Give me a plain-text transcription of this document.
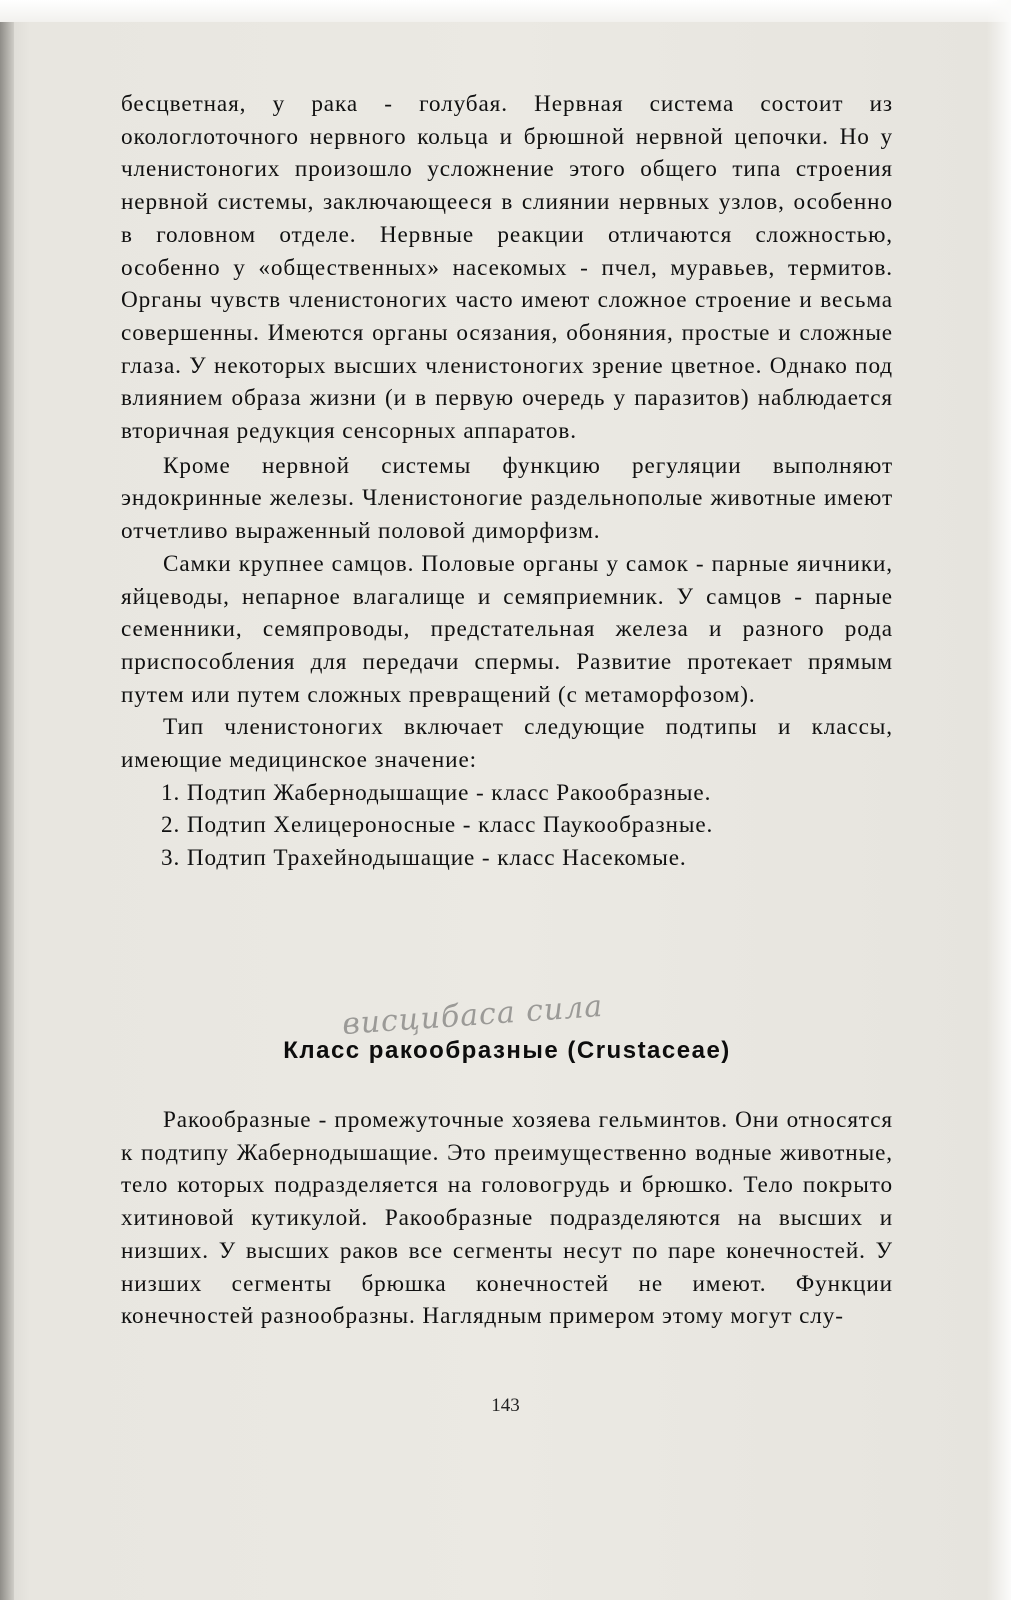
бесцветная, у рака - голубая. Нервная система состоит из окологлоточного нервного кольца и брюшной нервной цепочки. Но у членистоногих произошло усложнение этого общего типа строения нервной системы, заключающееся в слиянии нервных узлов, особенно в головном отделе. Нервные реакции отличаются сложностью, особенно у «общественных» насекомых - пчел, муравьев, термитов. Органы чувств членистоногих часто имеют сложное строение и весьма совершенны. Имеются органы осязания, обоняния, простые и сложные глаза. У некоторых высших членистоногих зрение цветное. Однако под влиянием образа жизни (и в первую очередь у паразитов) наблюдается вторичная редукция сенсорных аппаратов.

Кроме нервной системы функцию регуляции выполняют эндокринные железы. Членистоногие раздельнополые животные имеют отчетливо выраженный половой диморфизм.

Самки крупнее самцов. Половые органы у самок - парные яичники, яйцеводы, непарное влагалище и семяприемник. У самцов - парные семенники, семяпроводы, предстательная железа и разного рода приспособления для передачи спермы. Развитие протекает прямым путем или путем сложных превращений (с метаморфозом).

Тип членистоногих включает следующие подтипы и классы, имеющие медицинское значение:

1. Подтип Жабернодышащие - класс Ракообразные.
2. Подтип Хелицероносные - класс Паукообразные.
3. Подтип Трахейнодышащие - класс Насекомые.
висцибаса сила
Класс ракообразные (Crustaceae)

Ракообразные - промежуточные хозяева гельминтов. Они относятся к подтипу Жабернодышащие. Это преимущественно водные животные, тело которых подразделяется на головогрудь и брюшко. Тело покрыто хитиновой кутикулой. Ракообразные подразделяются на высших и низших. У высших раков все сегменты несут по паре конечностей. У низших сегменты брюшка конечностей не имеют. Функции конечностей разнообразны. Наглядным примером этому могут слу-

143
